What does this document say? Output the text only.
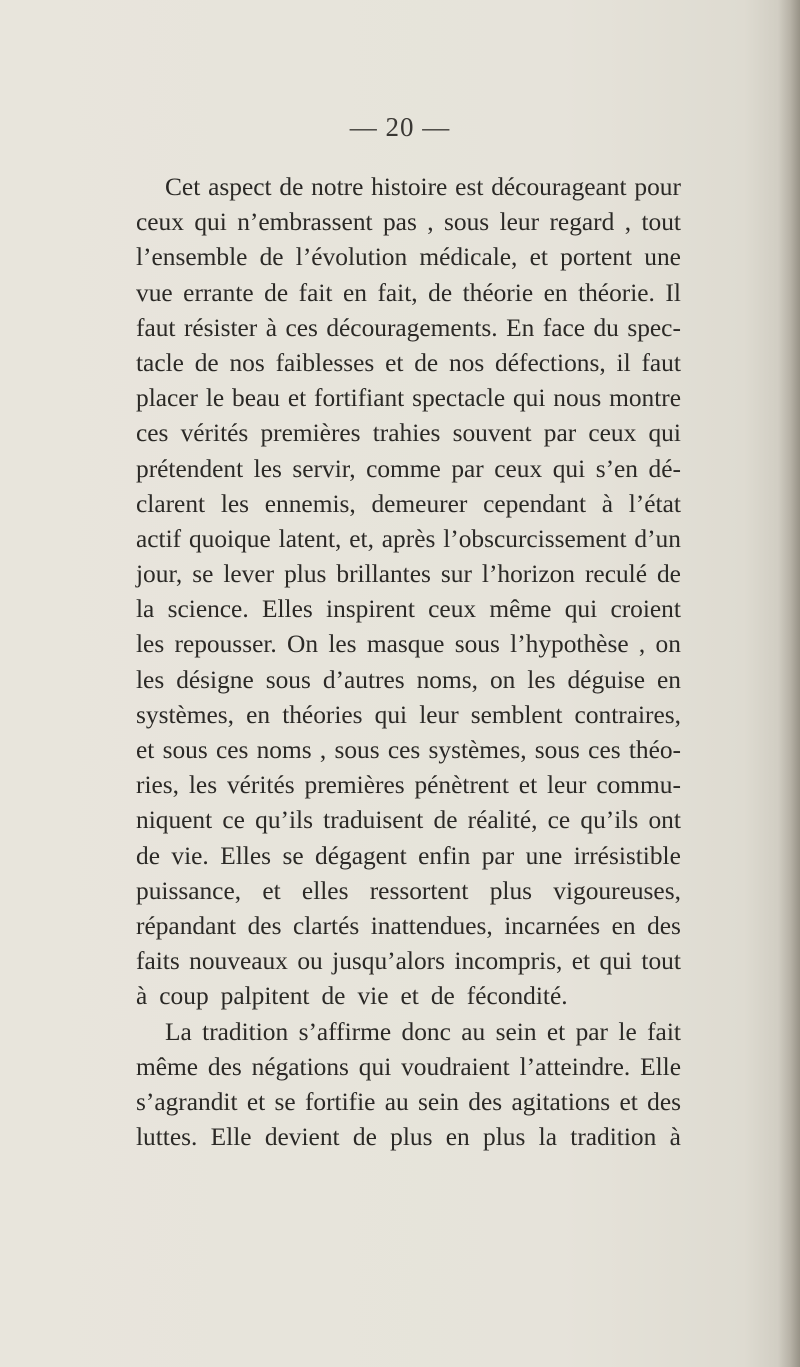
— 20 —
Cet aspect de notre histoire est décourageant pour
ceux qui n’embrassent pas , sous leur regard , tout
l’ensemble de l’évolution médicale, et portent une
vue errante de fait en fait, de théorie en théorie. Il
faut résister à ces découragements. En face du spec-
tacle de nos faiblesses et de nos défections, il faut
placer le beau et fortifiant spectacle qui nous montre
ces vérités premières trahies souvent par ceux qui
prétendent les servir, comme par ceux qui s’en dé-
clarent les ennemis, demeurer cependant à l’état
actif quoique latent, et, après l’obscurcissement d’un
jour, se lever plus brillantes sur l’horizon reculé de
la science. Elles inspirent ceux même qui croient
les repousser. On les masque sous l’hypothèse , on
les désigne sous d’autres noms, on les déguise en
systèmes, en théories qui leur semblent contraires,
et sous ces noms , sous ces systèmes, sous ces théo-
ries, les vérités premières pénètrent et leur commu-
niquent ce qu’ils traduisent de réalité, ce qu’ils ont
de vie. Elles se dégagent enfin par une irrésistible
puissance, et elles ressortent plus vigoureuses,
répandant des clartés inattendues, incarnées en des
faits nouveaux ou jusqu’alors incompris, et qui tout
à coup palpitent de vie et de fécondité.
La tradition s’affirme donc au sein et par le fait
même des négations qui voudraient l’atteindre. Elle
s’agrandit et se fortifie au sein des agitations et des
luttes. Elle devient de plus en plus la tradition à
